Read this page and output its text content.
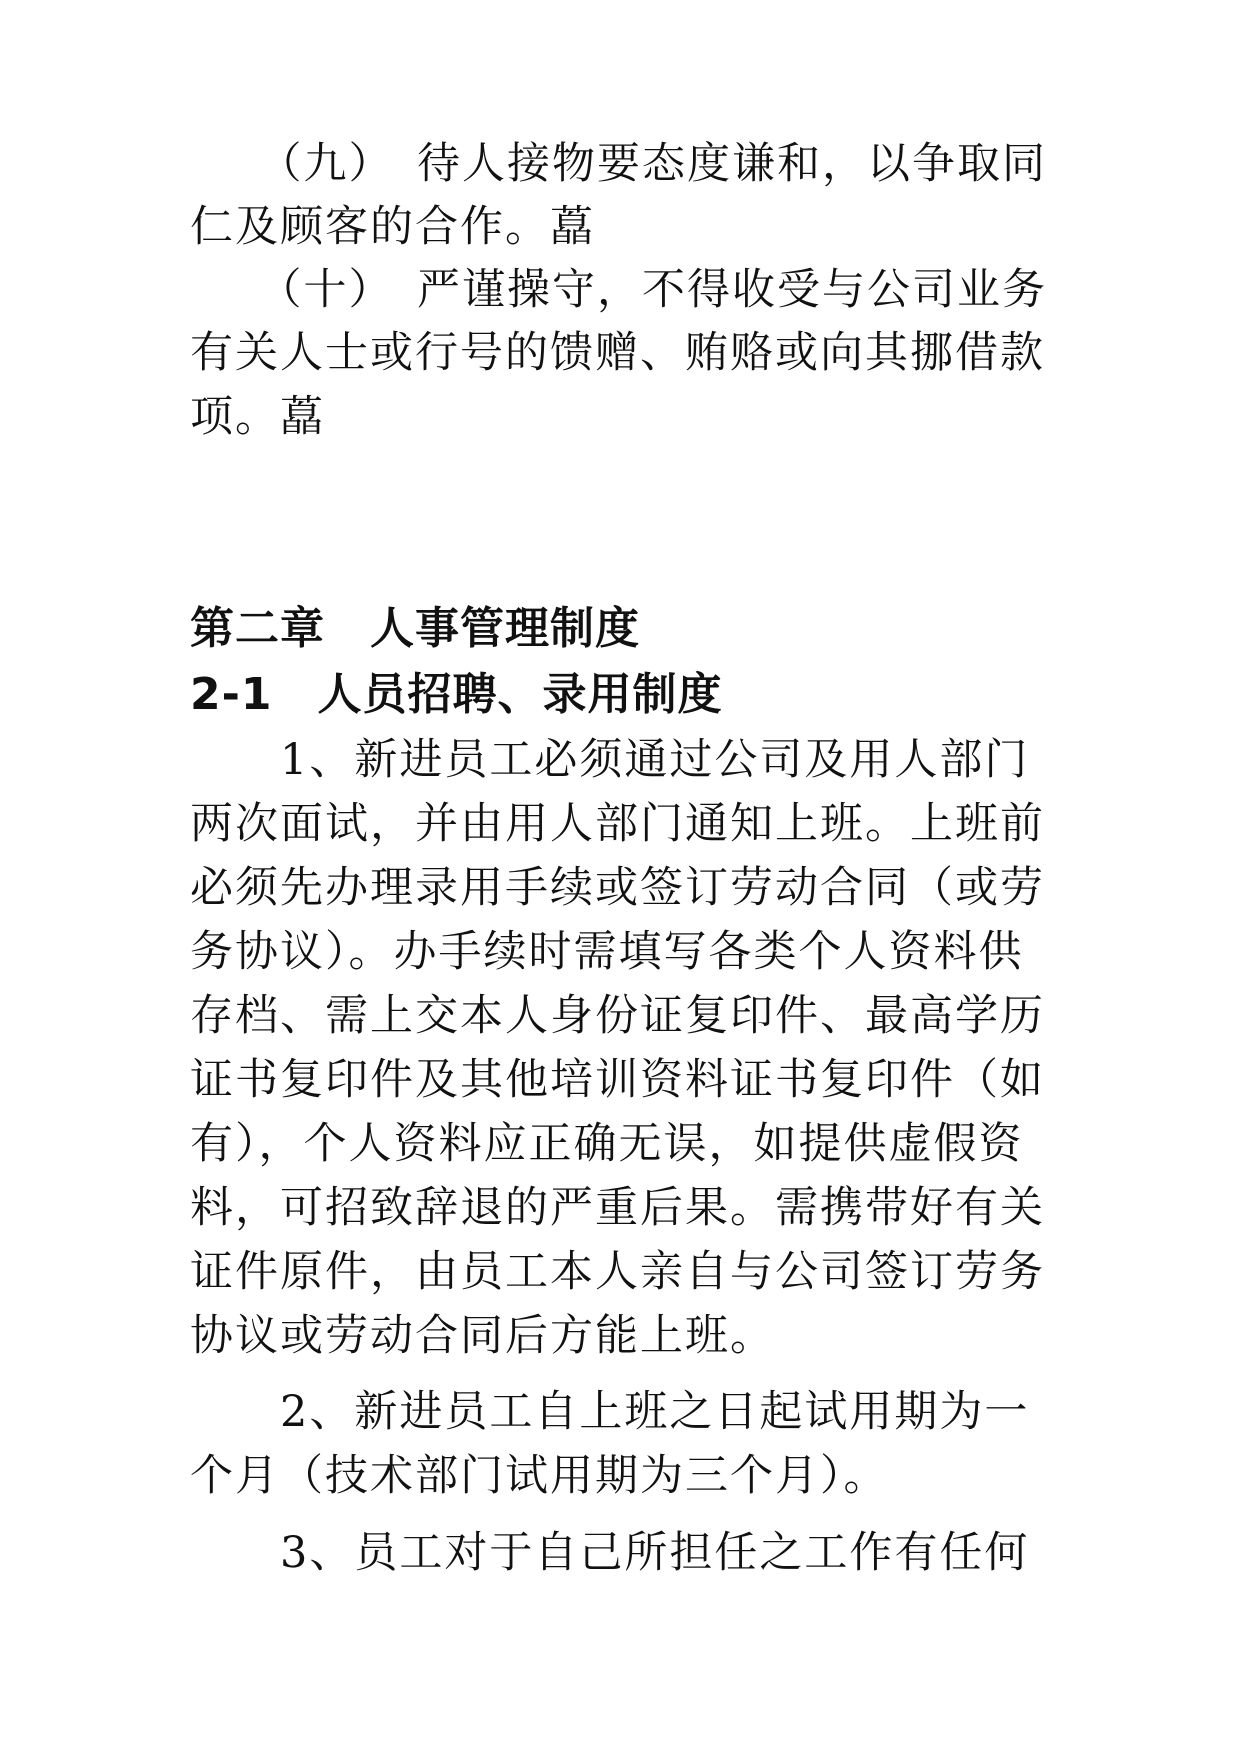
　　（九）　待人接物要态度谦和，以争取同
仁及顾客的合作。藠
　　（十）　严谨操守，不得收受与公司业务
有关人士或行号的馈赠、贿赂或向其挪借款
项。藠
第二章　人事管理制度
2-1　人员招聘、录用制度
　　1、新进员工必须通过公司及用人部门
两次面试，并由用人部门通知上班。上班前
必须先办理录用手续或签订劳动合同（或劳
务协议）。办手续时需填写各类个人资料供
存档、需上交本人身份证复印件、最高学历
证书复印件及其他培训资料证书复印件（如
有），个人资料应正确无误，如提供虚假资
料，可招致辞退的严重后果。需携带好有关
证件原件，由员工本人亲自与公司签订劳务
协议或劳动合同后方能上班。
　　2、新进员工自上班之日起试用期为一
个月（技术部门试用期为三个月）。
　　3、员工对于自己所担任之工作有任何
